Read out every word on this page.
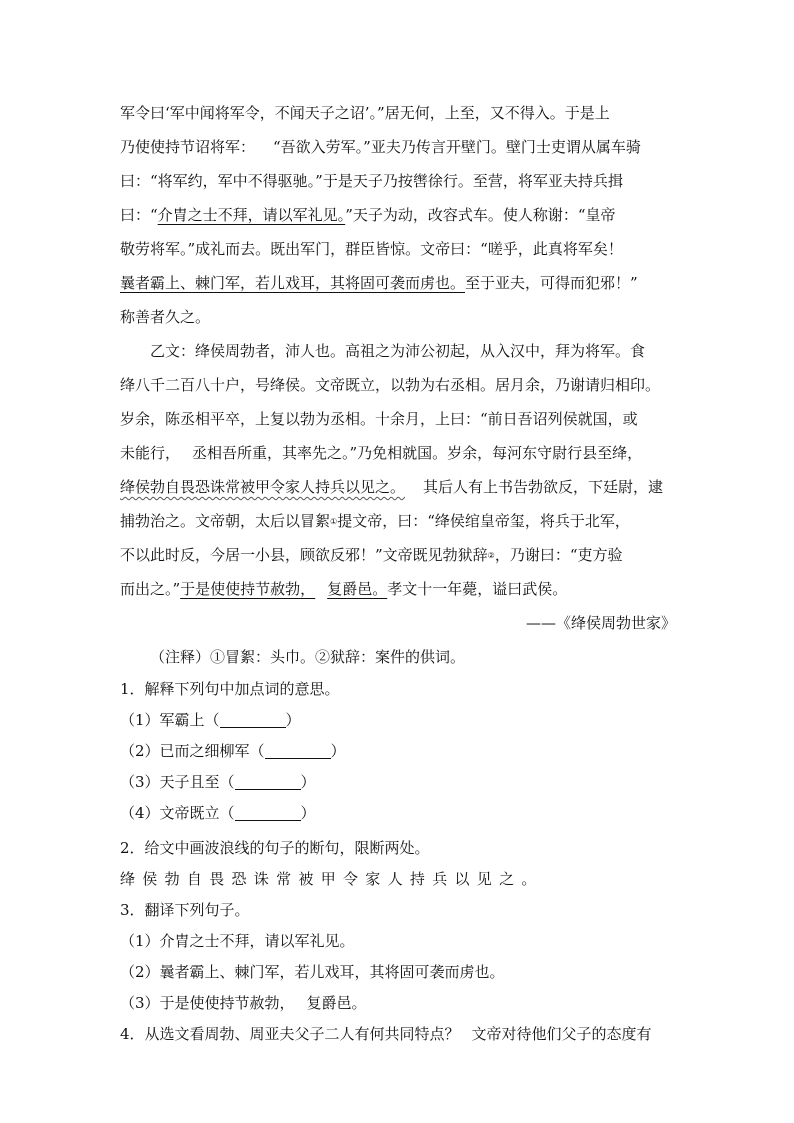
军令曰‘军中闻将军令，不闻天子之诏’。”居无何，上至，又不得入。于是上
乃使使持节诏将军： “吾欲入劳军。”亚夫乃传言开壁门。壁门士吏谓从属车骑
曰：“将军约，军中不得驱驰。”于是天子乃按辔徐行。至营，将军亚夫持兵揖
曰：“介胄之士不拜，请以军礼见。”天子为动，改容式车。使人称谢：“皇帝
敬劳将军。”成礼而去。既出军门，群臣皆惊。文帝曰：“嗟乎，此真将军矣！
曩者霸上、棘门军，若儿戏耳，其将固可袭而虏也。至于亚夫，可得而犯邪！”
称善者久之。
乙文：绛侯周勃者，沛人也。高祖之为沛公初起，从入汉中，拜为将军。食
绛八千二百八十户，号绛侯。文帝既立，以勃为右丞相。居月余，乃谢请归相印。
岁余，陈丞相平卒，上复以勃为丞相。十余月，上曰：“前日吾诏列侯就国，或
未能行， 丞相吾所重，其率先之。”乃免相就国。岁余，每河东守尉行县至绛，
绛侯勃自畏恐诛常被甲令家人持兵以见之。 其后人有上书告勃欲反，下廷尉，逮
捕勃治之。文帝朝，太后以冒絮①提文帝，曰：“绛侯绾皇帝玺，将兵于北军，
不以此时反，今居一小县，顾欲反邪！”文帝既见勃狱辞②，乃谢曰：“吏方验
而出之。”于是使使持节赦勃， 复爵邑。孝文十一年薨，谥曰武侯。
——《绛侯周勃世家》
（注释）①冒絮：头巾。②狱辞：案件的供词。
1．解释下列句中加点词的意思。
（1）军霸上（	）
（2）已而之细柳军（	）
（3）天子且至（	）
（4）文帝既立（	）
2．给文中画波浪线的句子的断句，限断两处。
绛侯勃自畏恐诛常被甲令家人持兵以见之。
3．翻译下列句子。
（1）介胄之士不拜，请以军礼见。
（2）曩者霸上、棘门军，若儿戏耳，其将固可袭而虏也。
（3）于是使使持节赦勃， 复爵邑。
4．从选文看周勃、周亚夫父子二人有何共同特点？ 文帝对待他们父子的态度有
